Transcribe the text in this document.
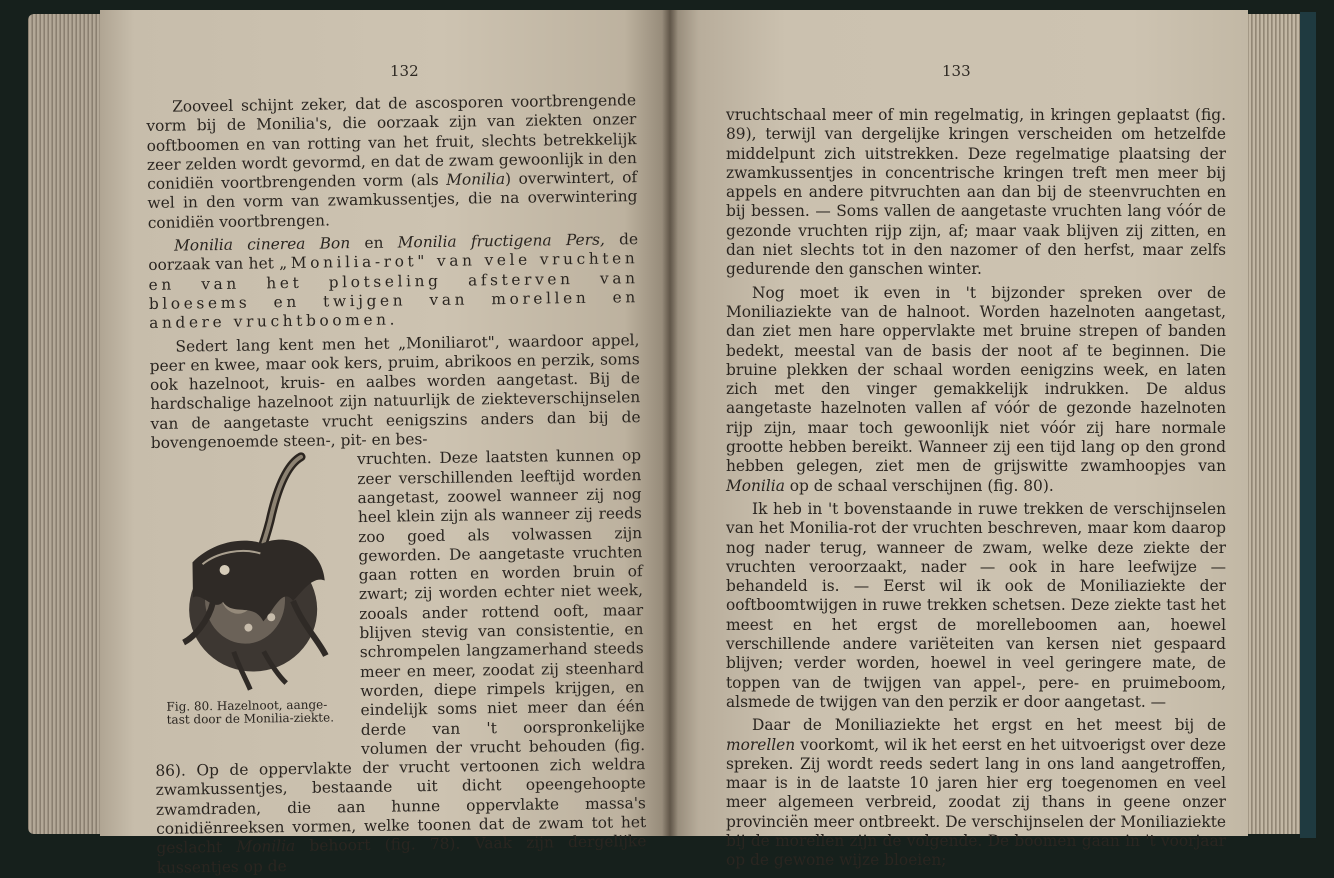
132

Zooveel schijnt zeker, dat de ascosporen voortbrengende vorm bij de Monilia's, die oorzaak zijn van ziekten onzer ooftboomen en van rotting van het fruit, slechts betrekkelijk zeer zelden wordt gevormd, en dat de zwam gewoonlijk in den conidiën voortbrengenden vorm (als Monilia) overwintert, of wel in den vorm van zwamkussentjes, die na overwintering conidiën voortbrengen.

Monilia cinerea Bon en Monilia fructigena Pers, de oorzaak van het „Monilia-rot" van vele vruchten en van het plotseling afsterven van bloesems en twijgen van morellen en andere vruchtboomen.

Sedert lang kent men het „Moniliarot", waardoor appel, peer en kwee, maar ook kers, pruim, abrikoos en perzik, soms ook hazelnoot, kruis- en aalbes worden aangetast. Bij de hardschalige hazelnoot zijn natuurlijk de ziekteverschijnselen van de aangetaste vrucht eenigszins anders dan bij de bovengenoemde steen-, pit- en bes-

Fig. 80. Hazelnoot, aange-
tast door de Monilia-ziekte.

vruchten. Deze laatsten kunnen op zeer verschillenden leeftijd worden aangetast, zoowel wanneer zij nog heel klein zijn als wanneer zij reeds zoo goed als volwassen zijn geworden. De aangetaste vruchten gaan rotten en worden bruin of zwart; zij worden echter niet week, zooals ander rottend ooft, maar blijven stevig van consistentie, en schrompelen langzamerhand steeds meer en meer, zoodat zij steenhard worden, diepe rimpels krijgen, en eindelijk soms niet meer dan één derde van 't oorspronkelijke volumen der vrucht behouden (fig. 86). Op de oppervlakte der vrucht vertoonen zich weldra zwamkussentjes, bestaande uit dicht opeengehoopte zwamdraden, die aan hunne oppervlakte massa's conidiënreeksen vormen, welke toonen dat de zwam tot het geslacht Monilia behoort (fig. 78). Vaak zijn dergelijke kussentjes op de

133

vruchtschaal meer of min regelmatig, in kringen geplaatst (fig. 89), terwijl van dergelijke kringen verscheiden om hetzelfde middelpunt zich uitstrekken. Deze regelmatige plaatsing der zwamkussentjes in concentrische kringen treft men meer bij appels en andere pitvruchten aan dan bij de steenvruchten en bij bessen. — Soms vallen de aangetaste vruchten lang vóór de gezonde vruchten rijp zijn, af; maar vaak blijven zij zitten, en dan niet slechts tot in den nazomer of den herfst, maar zelfs gedurende den ganschen winter.

Nog moet ik even in 't bijzonder spreken over de Moniliaziekte van de halnoot. Worden hazelnoten aangetast, dan ziet men hare oppervlakte met bruine strepen of banden bedekt, meestal van de basis der noot af te beginnen. Die bruine plekken der schaal worden eenigzins week, en laten zich met den vinger gemakkelijk indrukken. De aldus aangetaste hazelnoten vallen af vóór de gezonde hazelnoten rijp zijn, maar toch gewoonlijk niet vóór zij hare normale grootte hebben bereikt. Wanneer zij een tijd lang op den grond hebben gelegen, ziet men de grijswitte zwamhoopjes van Monilia op de schaal verschijnen (fig. 80).

Ik heb in 't bovenstaande in ruwe trekken de verschijnselen van het Monilia-rot der vruchten beschreven, maar kom daarop nog nader terug, wanneer de zwam, welke deze ziekte der vruchten veroorzaakt, nader — ook in hare leefwijze — behandeld is. — Eerst wil ik ook de Moniliaziekte der ooftboomtwijgen in ruwe trekken schetsen. Deze ziekte tast het meest en het ergst de morelleboomen aan, hoewel verschillende andere variëteiten van kersen niet gespaard blijven; verder worden, hoewel in veel geringere mate, de toppen van de twijgen van appel-, pere- en pruimeboom, alsmede de twijgen van den perzik er door aangetast. —

Daar de Moniliaziekte het ergst en het meest bij de morellen voorkomt, wil ik het eerst en het uitvoerigst over deze spreken. Zij wordt reeds sedert lang in ons land aangetroffen, maar is in de laatste 10 jaren hier erg toegenomen en veel meer algemeen verbreid, zoodat zij thans in geene onzer provinciën meer ontbreekt. De verschijnselen der Moniliaziekte bij de morellen zijn de volgende. De boomen gaan in 't voorjaar op de gewone wijze bloeien;
